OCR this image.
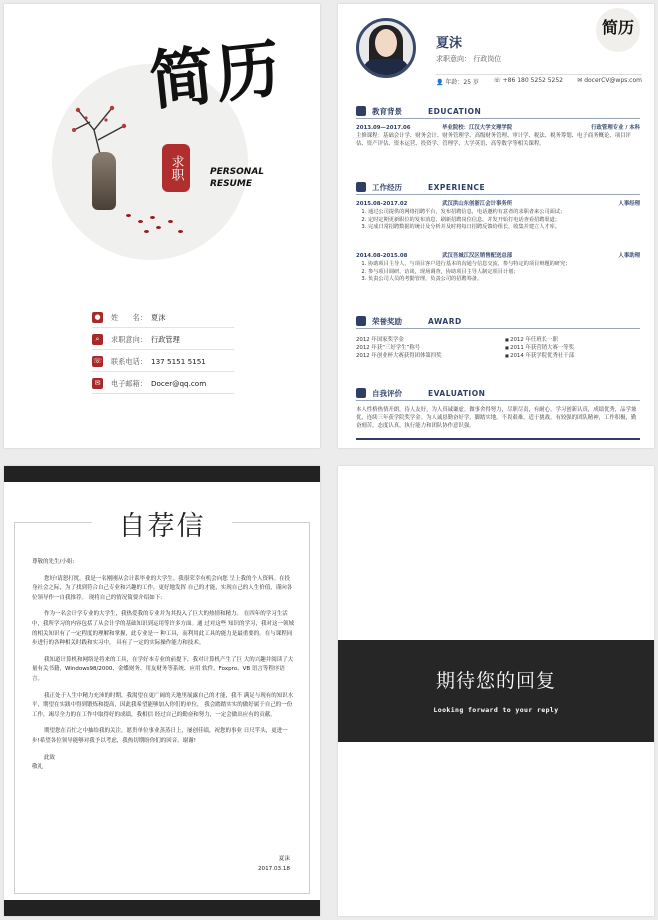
简历
求职	PERSONAL RESUME
●	姓　　名： 夏沫
⌕	求职意向： 行政管理
☏ 联系电话： 137 5151 5151
✉	电子邮箱： Docer@qq.com
夏沫
求职意向： 行政岗位
👤 年龄：25 岁 ☏ +86 180 5252 5252 ✉ docerCV@wps.com
简历
教育背景	EDUCATION
2013.09—2017.06	毕业院校：江汉大学文理学院	行政管理专业 / 本科
主修课程：基础会计学、财务会计、财务管理学、高级财务管理、审计学、税法、税务筹划、电子商务概论、项目评估、资产评估、资本运营、投资学、管理学、大学英语、高等数学等相关课程。
工作经历	EXPERIENCE
2015.08-2017.02	武汉洪山东创浙江会计事务所	人事经理
1. 通过公司提供的网络招聘平台，发布招聘信息，电话邀约有意者的求职者来公司面试；
2. 定时定期更新职位的发布消息，刷新招聘岗位信息，并发开始打电话查看招聘渠道；
3. 完成日常招聘数据的统计及分析并及时将每日招聘反馈给组长，收集并建立人才库。
2014.08-2015.08	武汉吾城江汉区销售配送总部	人事助理
1. 协助项目主导人，与项目客户进行基本的沟通与信息交流，参与特定的项目辩题的研究；
2. 参与项目调研、访谈，现场调查，协助项目主导人制定项目计划；
3. 负责公司人员的考勤管理，负责公司的招聘筹备。
荣誉奖励	AWARD
2012 年国家奖学金	■ 2012 年任班长一职
2012 年获“三好学生”称号	■ 2011 年获营销大赛一等奖
2012 年创业杯大赛获得团体第四奖	■ 2014 年获学院优秀社干部
自我评价	EVALUATION
本人性格热情开朗，待人友好，为人真诚谦虚。做事舍得努力，尽职尽责，有耐心。学习创新认真，成绩优秀，品学兼优，连续三年获学院奖学金。为人诚恳勤奋好学，脚踏实地，不畏艰难，适于挑战。有较强的团队精神，工作积极，勤奋刻苦，态度认真，执行能力和团队协作意识强。
自荐信

尊敬的先生/小姐:

您好!请恕打扰。我是一名刚刚从会计系毕业的大学生。我很荣幸有机会向您 呈上我的个人资料。在投身社会之际，为了找到符合自己专业和兴趣的工作，更好地发挥 自己的才能，实现自己的人生价值，谨向各位领导作一自我推荐。 现将自己的情况简要介绍如下:

作为一名会计学专业的大学生，我热爱我的专业并为其投入了巨大的热情和精力。 在四年的学习生活中，我所学习的内容包括了从会计学的基础知识到运用等许多方面。通 过对这些 知识的学习，我对这一领域的相关知识有了一定程度的理解和掌握，此专业是一 种工具，而利用此工具的能力是最重要的。在与课程同步进行的各种相关时践和实习中， 具有了一定的实际操作能力和技术。

我知道计算机和网络是将来的工具，在学好本专业的前提下，我对计算机产生了巨 大的兴趣并阅读了大量有关书籍，Windows98/2000、金蝶财务、用友财务等系统、应用 软件，Foxpro、VB 语言等程序语言。

我正处于人生中精力充沛的时期，我渴望在更广阔的天地里展露自己的才能，我不 满足与现有的知识水平，期望在实践中得到锻炼和提高，因此我希望能够加入你们的单位， 我会踏踏实实的做好属于自己的一份工作，竭尽全力的在工作中取得好的成绩，我相信 经过自己的勤奋和努力，一定会做出应有的贡献。

期望您在百忙之中抽给我的关注，愿贵单位事业蒸蒸日上，屡创佳绩，祝您的事业 日尺竿头，更进一步!希望各位领导能够对我予以考虑，我热切期盼你们的回音。谢谢!

此致

敬礼

夏沫
2017.03.18
期待您的回复
Looking forward to your reply
